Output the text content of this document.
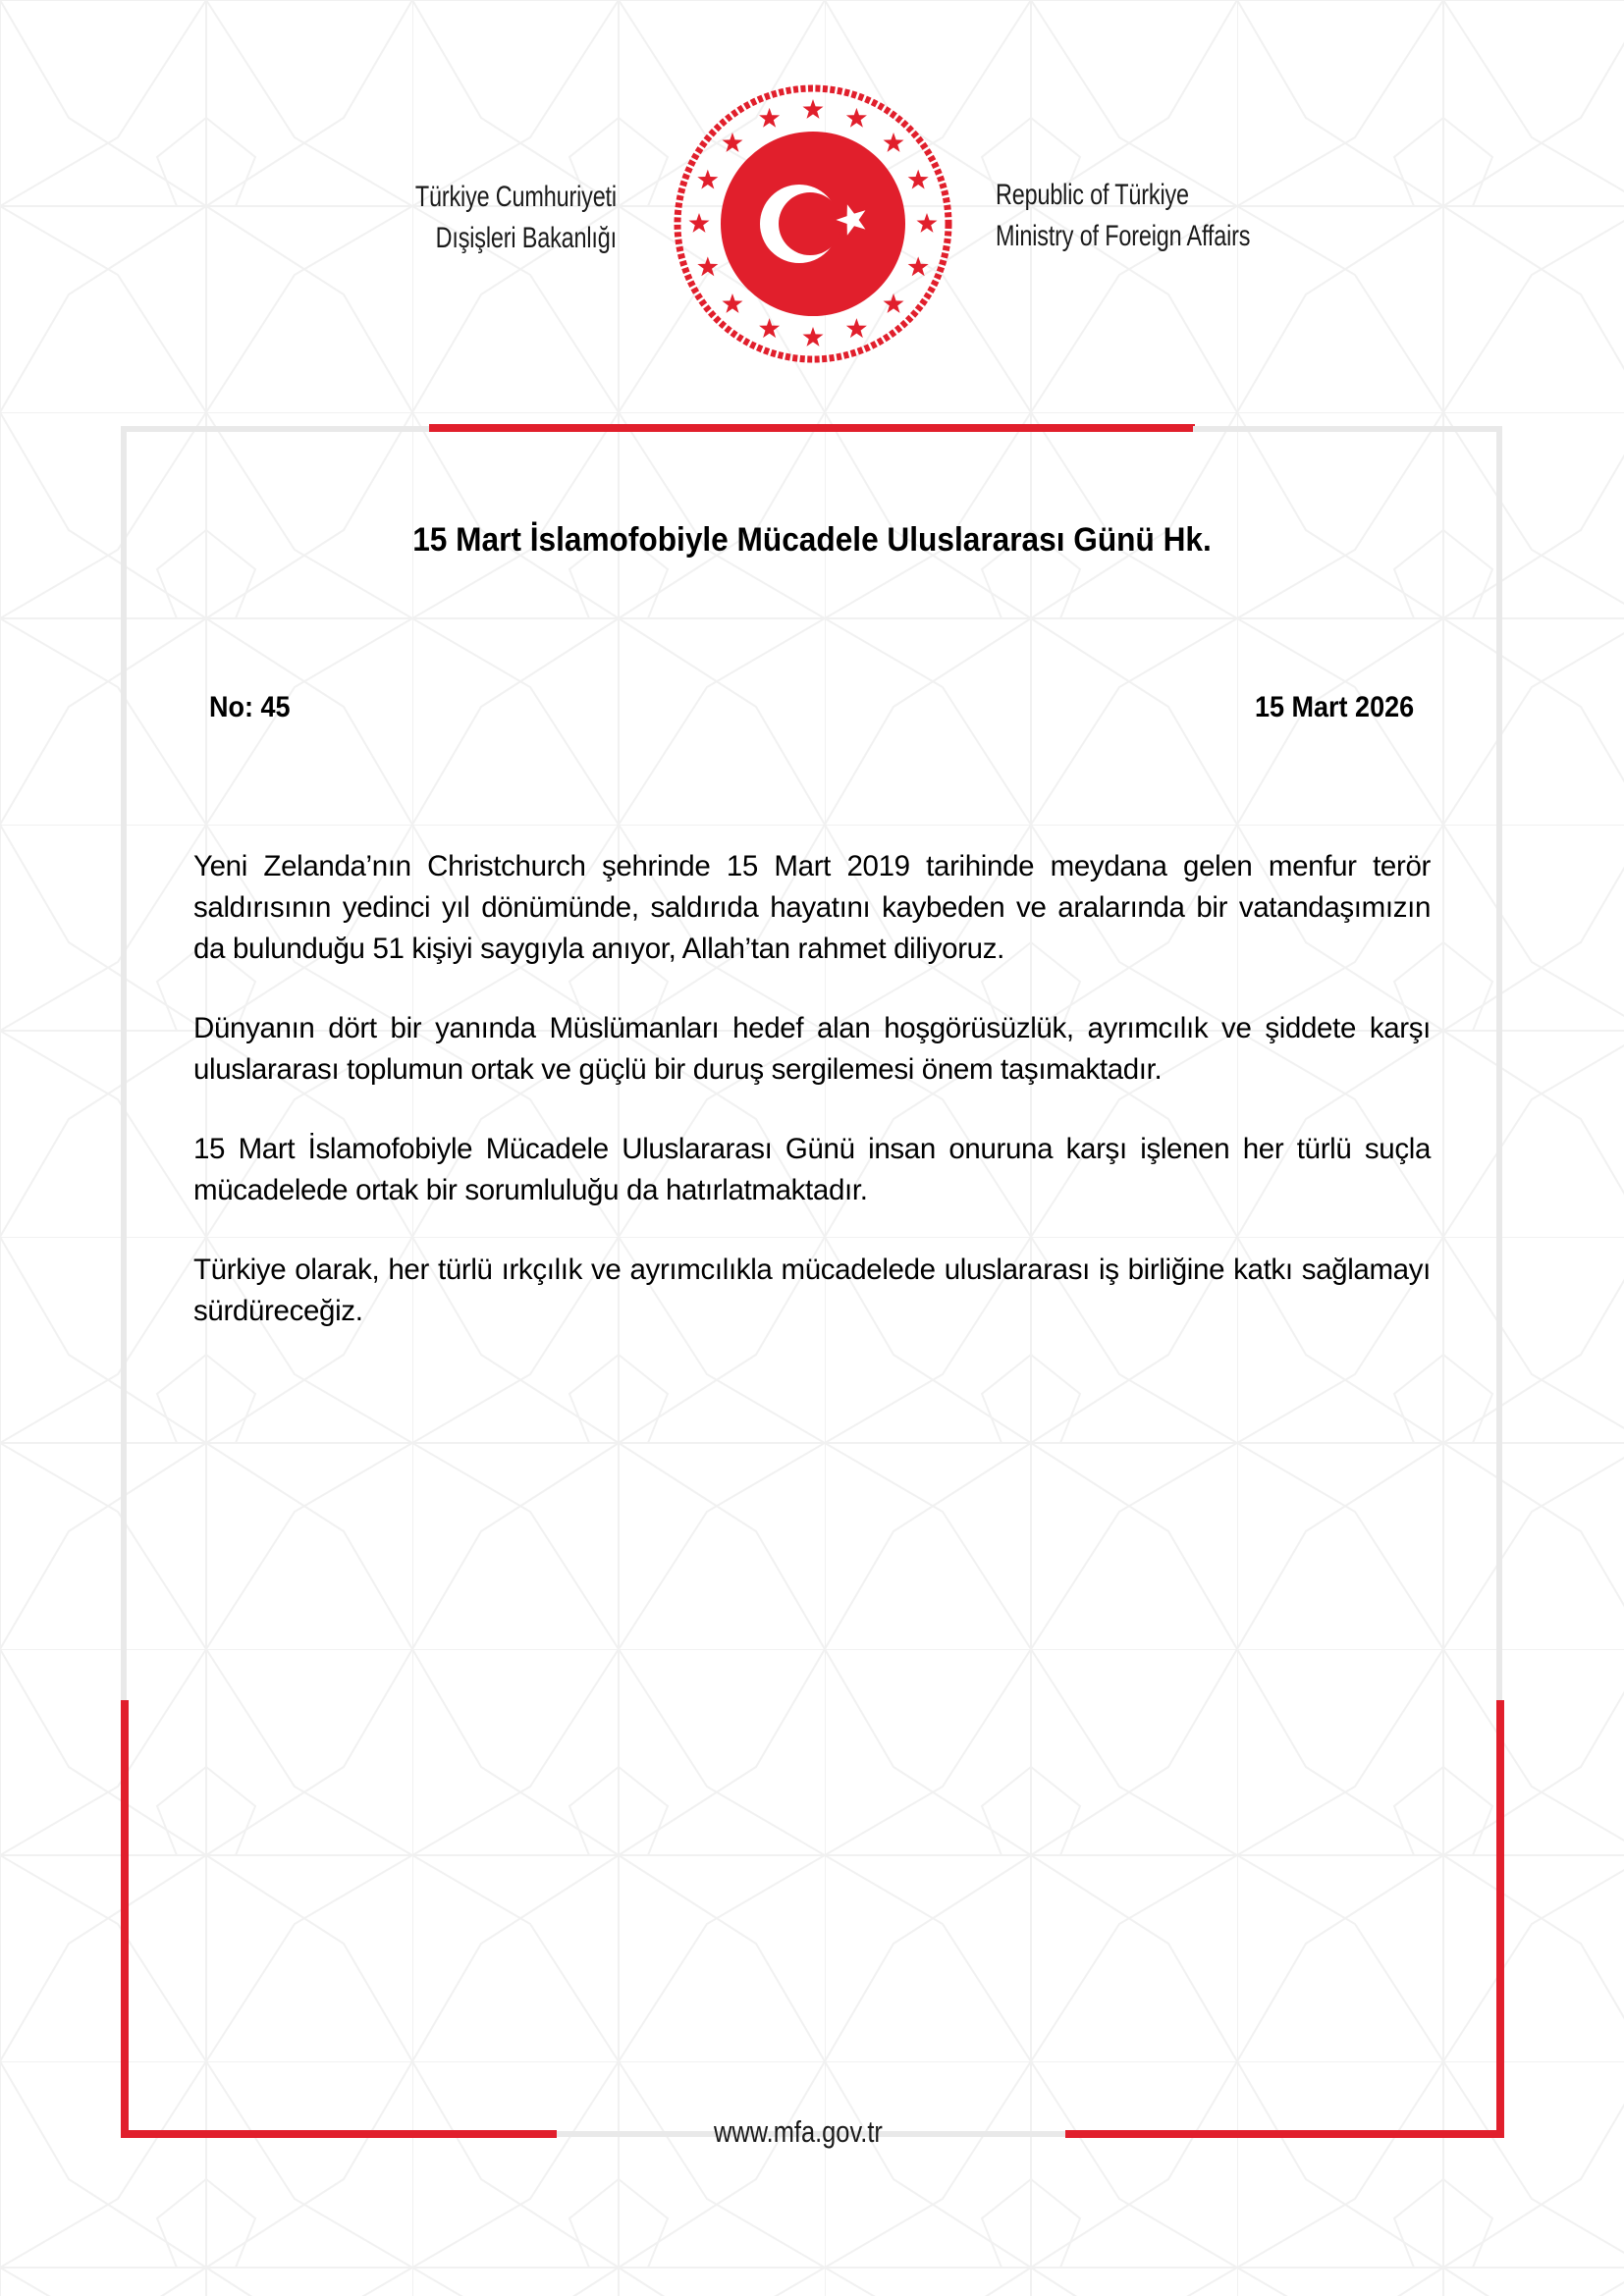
Türkiye Cumhuriyeti
Dışişleri Bakanlığı
Republic of Türkiye
Ministry of Foreign Affairs
15 Mart İslamofobiyle Mücadele Uluslararası Günü Hk.
No: 45	15 Mart 2026

Yeni Zelanda’nın Christchurch şehrinde 15 Mart 2019 tarihinde meydana gelen menfur terör saldırısının yedinci yıl dönümünde, saldırıda hayatını kaybeden ve aralarında bir vatandaşımızın da bulunduğu 51 kişiyi saygıyla anıyor, Allah’tan rahmet diliyoruz.

Dünyanın dört bir yanında Müslümanları hedef alan hoşgörüsüzlük, ayrımcılık ve şiddete karşı uluslararası toplumun ortak ve güçlü bir duruş sergilemesi önem taşımaktadır.

15 Mart İslamofobiyle Mücadele Uluslararası Günü insan onuruna karşı işlenen her türlü suçla mücadelede ortak bir sorumluluğu da hatırlatmaktadır.

Türkiye olarak, her türlü ırkçılık ve ayrımcılıkla mücadelede uluslararası iş birliğine katkı sağlamayı sürdüreceğiz.

www.mfa.gov.tr
